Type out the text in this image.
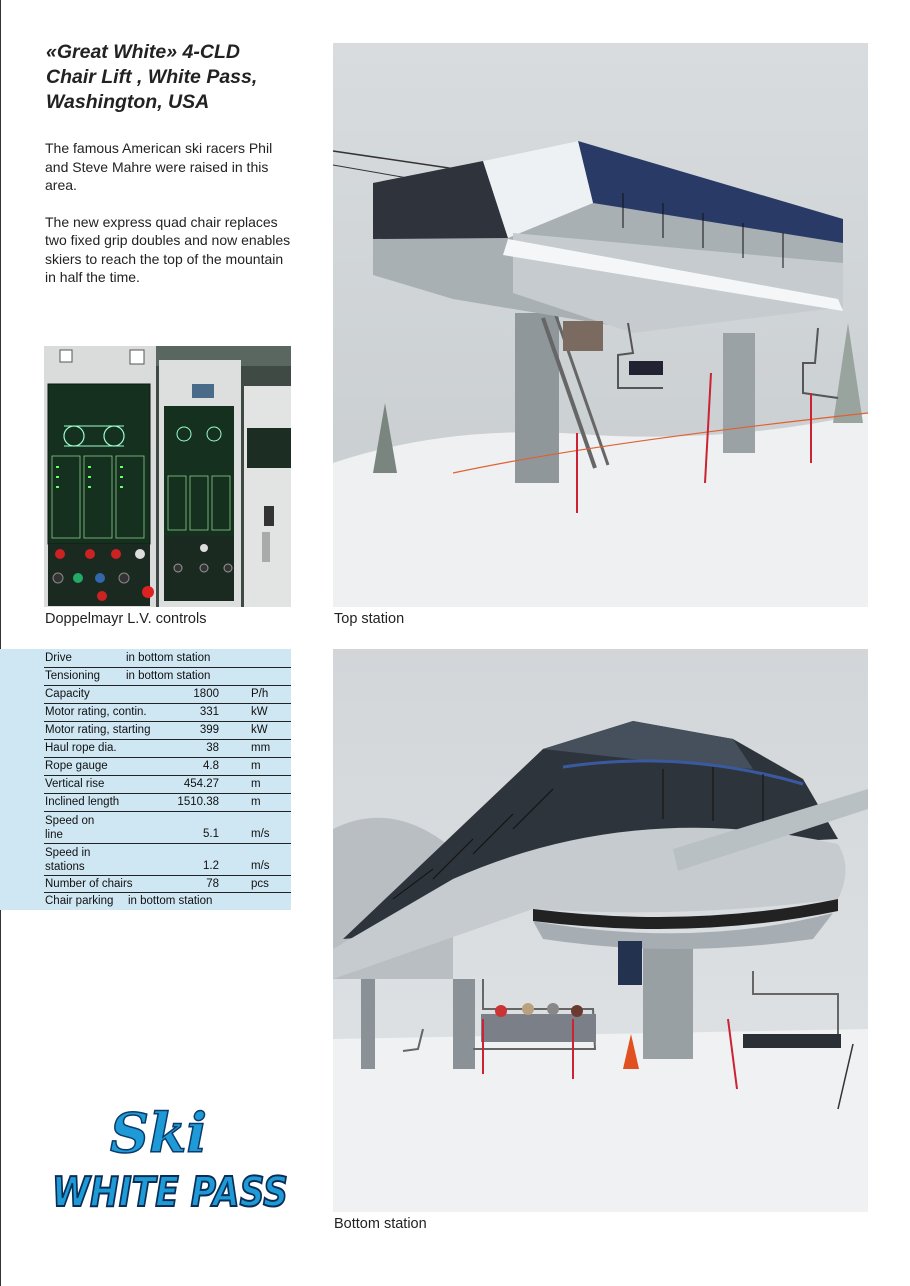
«Great White» 4-CLD
Chair Lift , White Pass,
Washington, USA

The famous American ski racers Phil and Steve Mahre were raised in this area.

The new express quad chair replaces two fixed grip doubles and now enables skiers to reach the top of the mountain in half the time.

Doppelmayr L.V. controls	Top station
Drive	in bottom station
Tensioning in bottom station
Capacity	1800	P/h
Motor rating, contin.	331	kW
Motor rating, starting	399	kW
Haul rope dia.	38	mm
Rope gauge	4.8	m
Vertical rise	454.27	m
Inclined length	1510.38	m
Speed on line	5.1	m/s
Speed in stations	1.2	m/s
Number of chairs	78	pcs
Chair parking in bottom station
Bottom station
Ski
WHITE PASS
